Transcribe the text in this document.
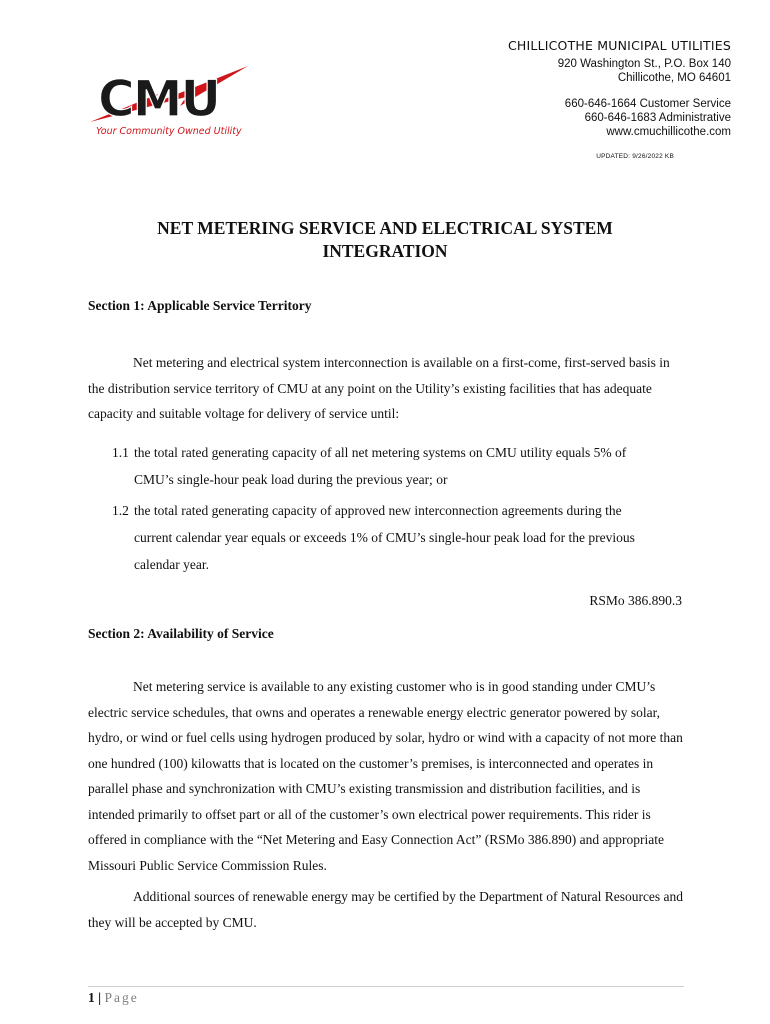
CMU
Your Community Owned Utility
CHILLICOTHE MUNICIPAL UTILITIES
920 Washington St., P.O. Box 140
Chillicothe, MO 64601
660-646-1664 Customer Service
660-646-1683 Administrative
www.cmuchillicothe.com
UPDATED: 9/26/2022 KB
NET METERING SERVICE AND ELECTRICAL SYSTEM
INTEGRATION
Section 1: Applicable Service Territory
Net metering and electrical system interconnection is available on a first-come, first-served basis in the distribution service territory of CMU at any point on the Utility’s existing facilities that has adequate capacity and suitable voltage for delivery of service until:
1.1 the total rated generating capacity of all net metering systems on CMU utility equals 5% of
CMU’s single-hour peak load during the previous year; or
1.2 the total rated generating capacity of approved new interconnection agreements during the
current calendar year equals or exceeds 1% of CMU’s single-hour peak load for the previous
calendar year.
RSMo 386.890.3
Section 2: Availability of Service
Net metering service is available to any existing customer who is in good standing under CMU’s electric service schedules, that owns and operates a renewable energy electric generator powered by solar, hydro, or wind or fuel cells using hydrogen produced by solar, hydro or wind with a capacity of not more than one hundred (100) kilowatts that is located on the customer’s premises, is interconnected and operates in parallel phase and synchronization with CMU’s existing transmission and distribution facilities, and is intended primarily to offset part or all of the customer’s own electrical power requirements. This rider is offered in compliance with the “Net Metering and Easy Connection Act” (RSMo 386.890) and appropriate Missouri Public Service Commission Rules.
Additional sources of renewable energy may be certified by the Department of Natural Resources and they will be accepted by CMU.
1 | Page
